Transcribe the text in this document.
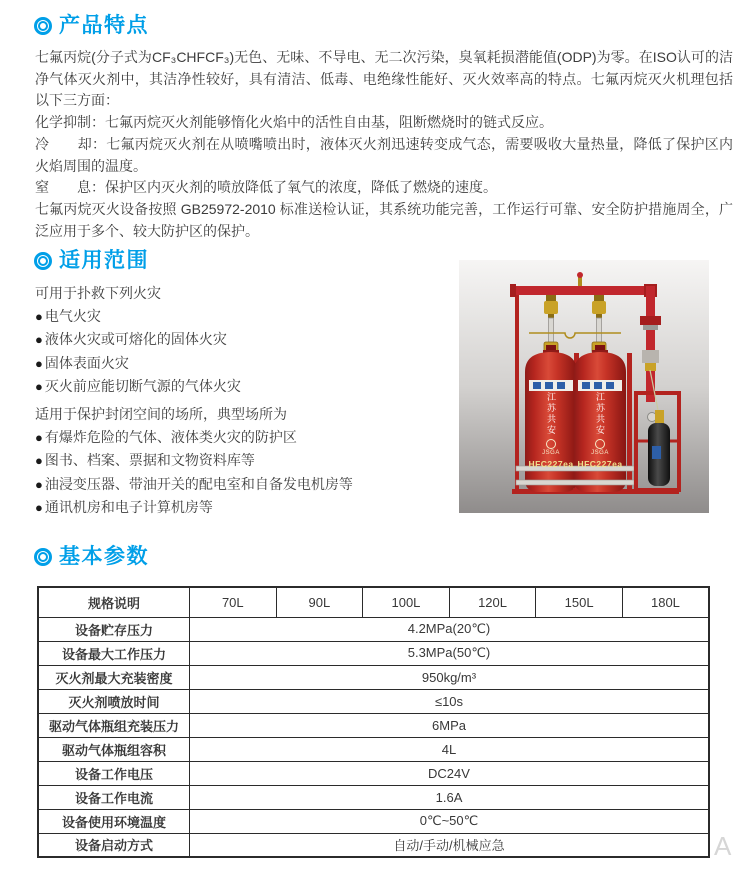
产品特点

七氟丙烷(分子式为CF₃CHFCF₃)无色、无味、不导电、无二次污染，臭氧耗损潜能值(ODP)为零。在ISO认可的洁净气体灭火剂中，其洁净性较好，具有清洁、低毒、电绝缘性能好、灭火效率高的特点。七氟丙烷灭火机理包括以下三方面：

化学抑制：七氟丙烷灭火剂能够惰化火焰中的活性自由基，阻断燃烧时的链式反应。

冷　　却：七氟丙烷灭火剂在从喷嘴喷出时，液体灭火剂迅速转变成气态，需要吸收大量热量，降低了保护区内火焰周围的温度。

窒　　息：保护区内灭火剂的喷放降低了氧气的浓度，降低了燃烧的速度。

七氟丙烷灭火设备按照 GB25972-2010 标准送检认证，其系统功能完善，工作运行可靠、安全防护措施周全，广泛应用于多个、较大防护区的保护。

适用范围
可用于扑救下列火灾
● 电气火灾
● 液体火灾或可熔化的固体火灾
● 固体表面火灾
● 灭火前应能切断气源的气体火灾
适用于保护封闭空间的场所，典型场所为
● 有爆炸危险的气体、液体类火灾的防护区
● 图书、档案、票据和文物资料库等
● 油浸变压器、带油开关的配电室和自备发电机房等
● 通讯机房和电子计算机房等
江苏共安
JSGA
HFC227ea
江苏共安
JSGA
HFC227ea
基本参数
规格说明	70L	90L	100L	120L	150L	180L
设备贮存压力	4.2MPa(20℃)					
设备最大工作压力	5.3MPa(50℃)					
灭火剂最大充装密度	950kg/m³					
灭火剂喷放时间	≤10s					
驱动气体瓶组充装压力	6MPa					
驱动气体瓶组容积	4L					
设备工作电压	DC24V					
设备工作电流	1.6A					
设备使用环境温度	0℃~50℃					
设备启动方式	自动/手动/机械应急						A
